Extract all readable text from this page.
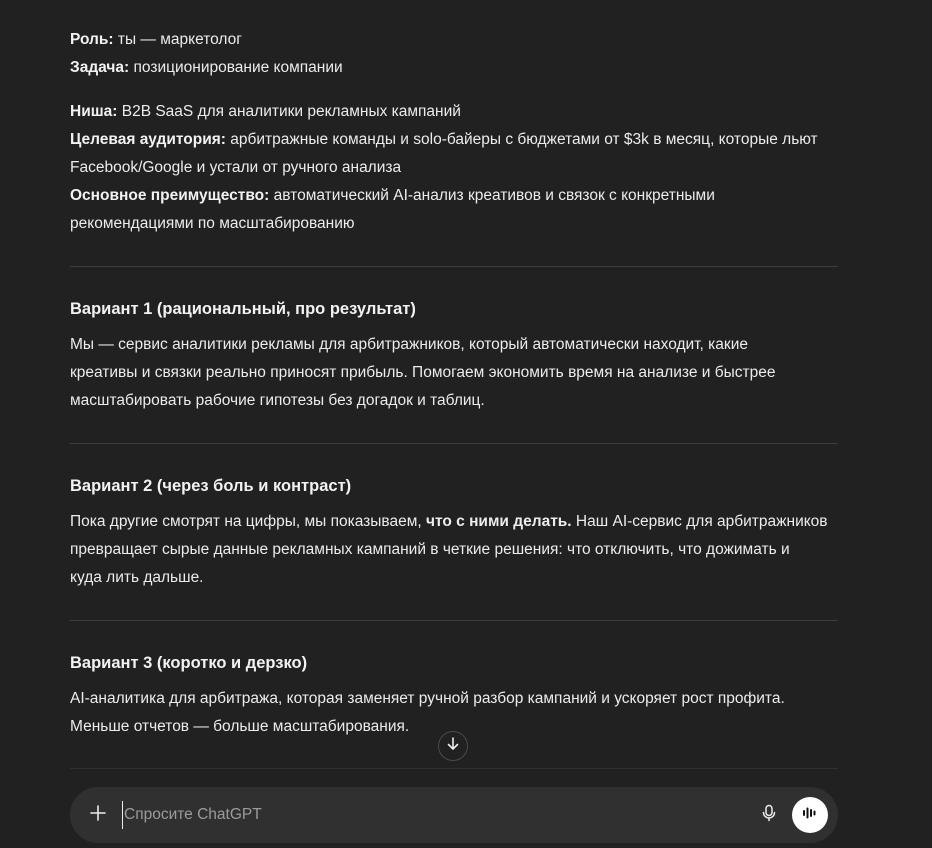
Роль: ты — маркетолог

Задача: позиционирование компании

Ниша: B2B SaaS для аналитики рекламных кампаний

Целевая аудитория: арбитражные команды и solo-байеры с бюджетами от $3k в месяц, которые льют

Facebook/Google и устали от ручного анализа

Основное преимущество: автоматический AI-анализ креативов и связок с конкретными

рекомендациями по масштабированию

Вариант 1 (рациональный, про результат)

Мы — сервис аналитики рекламы для арбитражников, который автоматически находит, какие

креативы и связки реально приносят прибыль. Помогаем экономить время на анализе и быстрее

масштабировать рабочие гипотезы без догадок и таблиц.

Вариант 2 (через боль и контраст)

Пока другие смотрят на цифры, мы показываем, что с ними делать. Наш AI-сервис для арбитражников

превращает сырые данные рекламных кампаний в четкие решения: что отключить, что дожимать и

куда лить дальше.

Вариант 3 (коротко и дерзко)

AI-аналитика для арбитража, которая заменяет ручной разбор кампаний и ускоряет рост профита.

Меньше отчетов — больше масштабирования.

Спросите ChatGPT
